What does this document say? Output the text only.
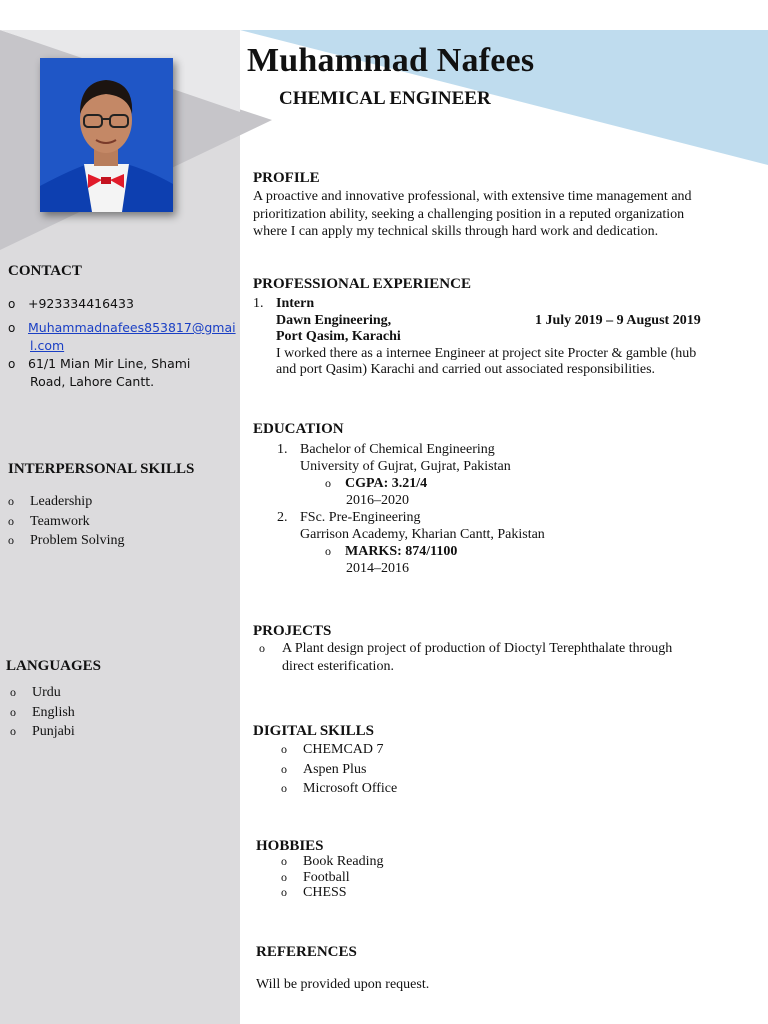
Muhammad Nafees
CHEMICAL ENGINEER
CONTACT
o +923334416433
o Muhammadnafees853817@gmai
l.com
o 61/1 Mian Mir Line, Shami
Road, Lahore Cantt.
INTERPERSONAL SKILLS
o Leadership
o Teamwork
o Problem Solving
LANGUAGES
o Urdu
o English
o Punjabi
PROFILE
A proactive and innovative professional, with extensive time management and
prioritization ability, seeking a challenging position in a reputed organization
where I can apply my technical skills through hard work and dedication.
PROFESSIONAL EXPERIENCE
1. Intern
Dawn Engineering,	1 July 2019 – 9 August 2019
Port Qasim, Karachi
I worked there as a internee Engineer at project site Procter & gamble (hub
and port Qasim) Karachi and carried out associated responsibilities.
EDUCATION
1. Bachelor of Chemical Engineering
University of Gujrat, Gujrat, Pakistan
o CGPA: 3.21/4
2016–2020
2. FSc. Pre-Engineering
Garrison Academy, Kharian Cantt, Pakistan
o MARKS: 874/1100
2014–2016
PROJECTS
o A Plant design project of production of Dioctyl Terephthalate through
direct esterification.
DIGITAL SKILLS
o CHEMCAD 7
o Aspen Plus
o Microsoft Office
HOBBIES
o Book Reading
o Football
o CHESS
REFERENCES
Will be provided upon request.
